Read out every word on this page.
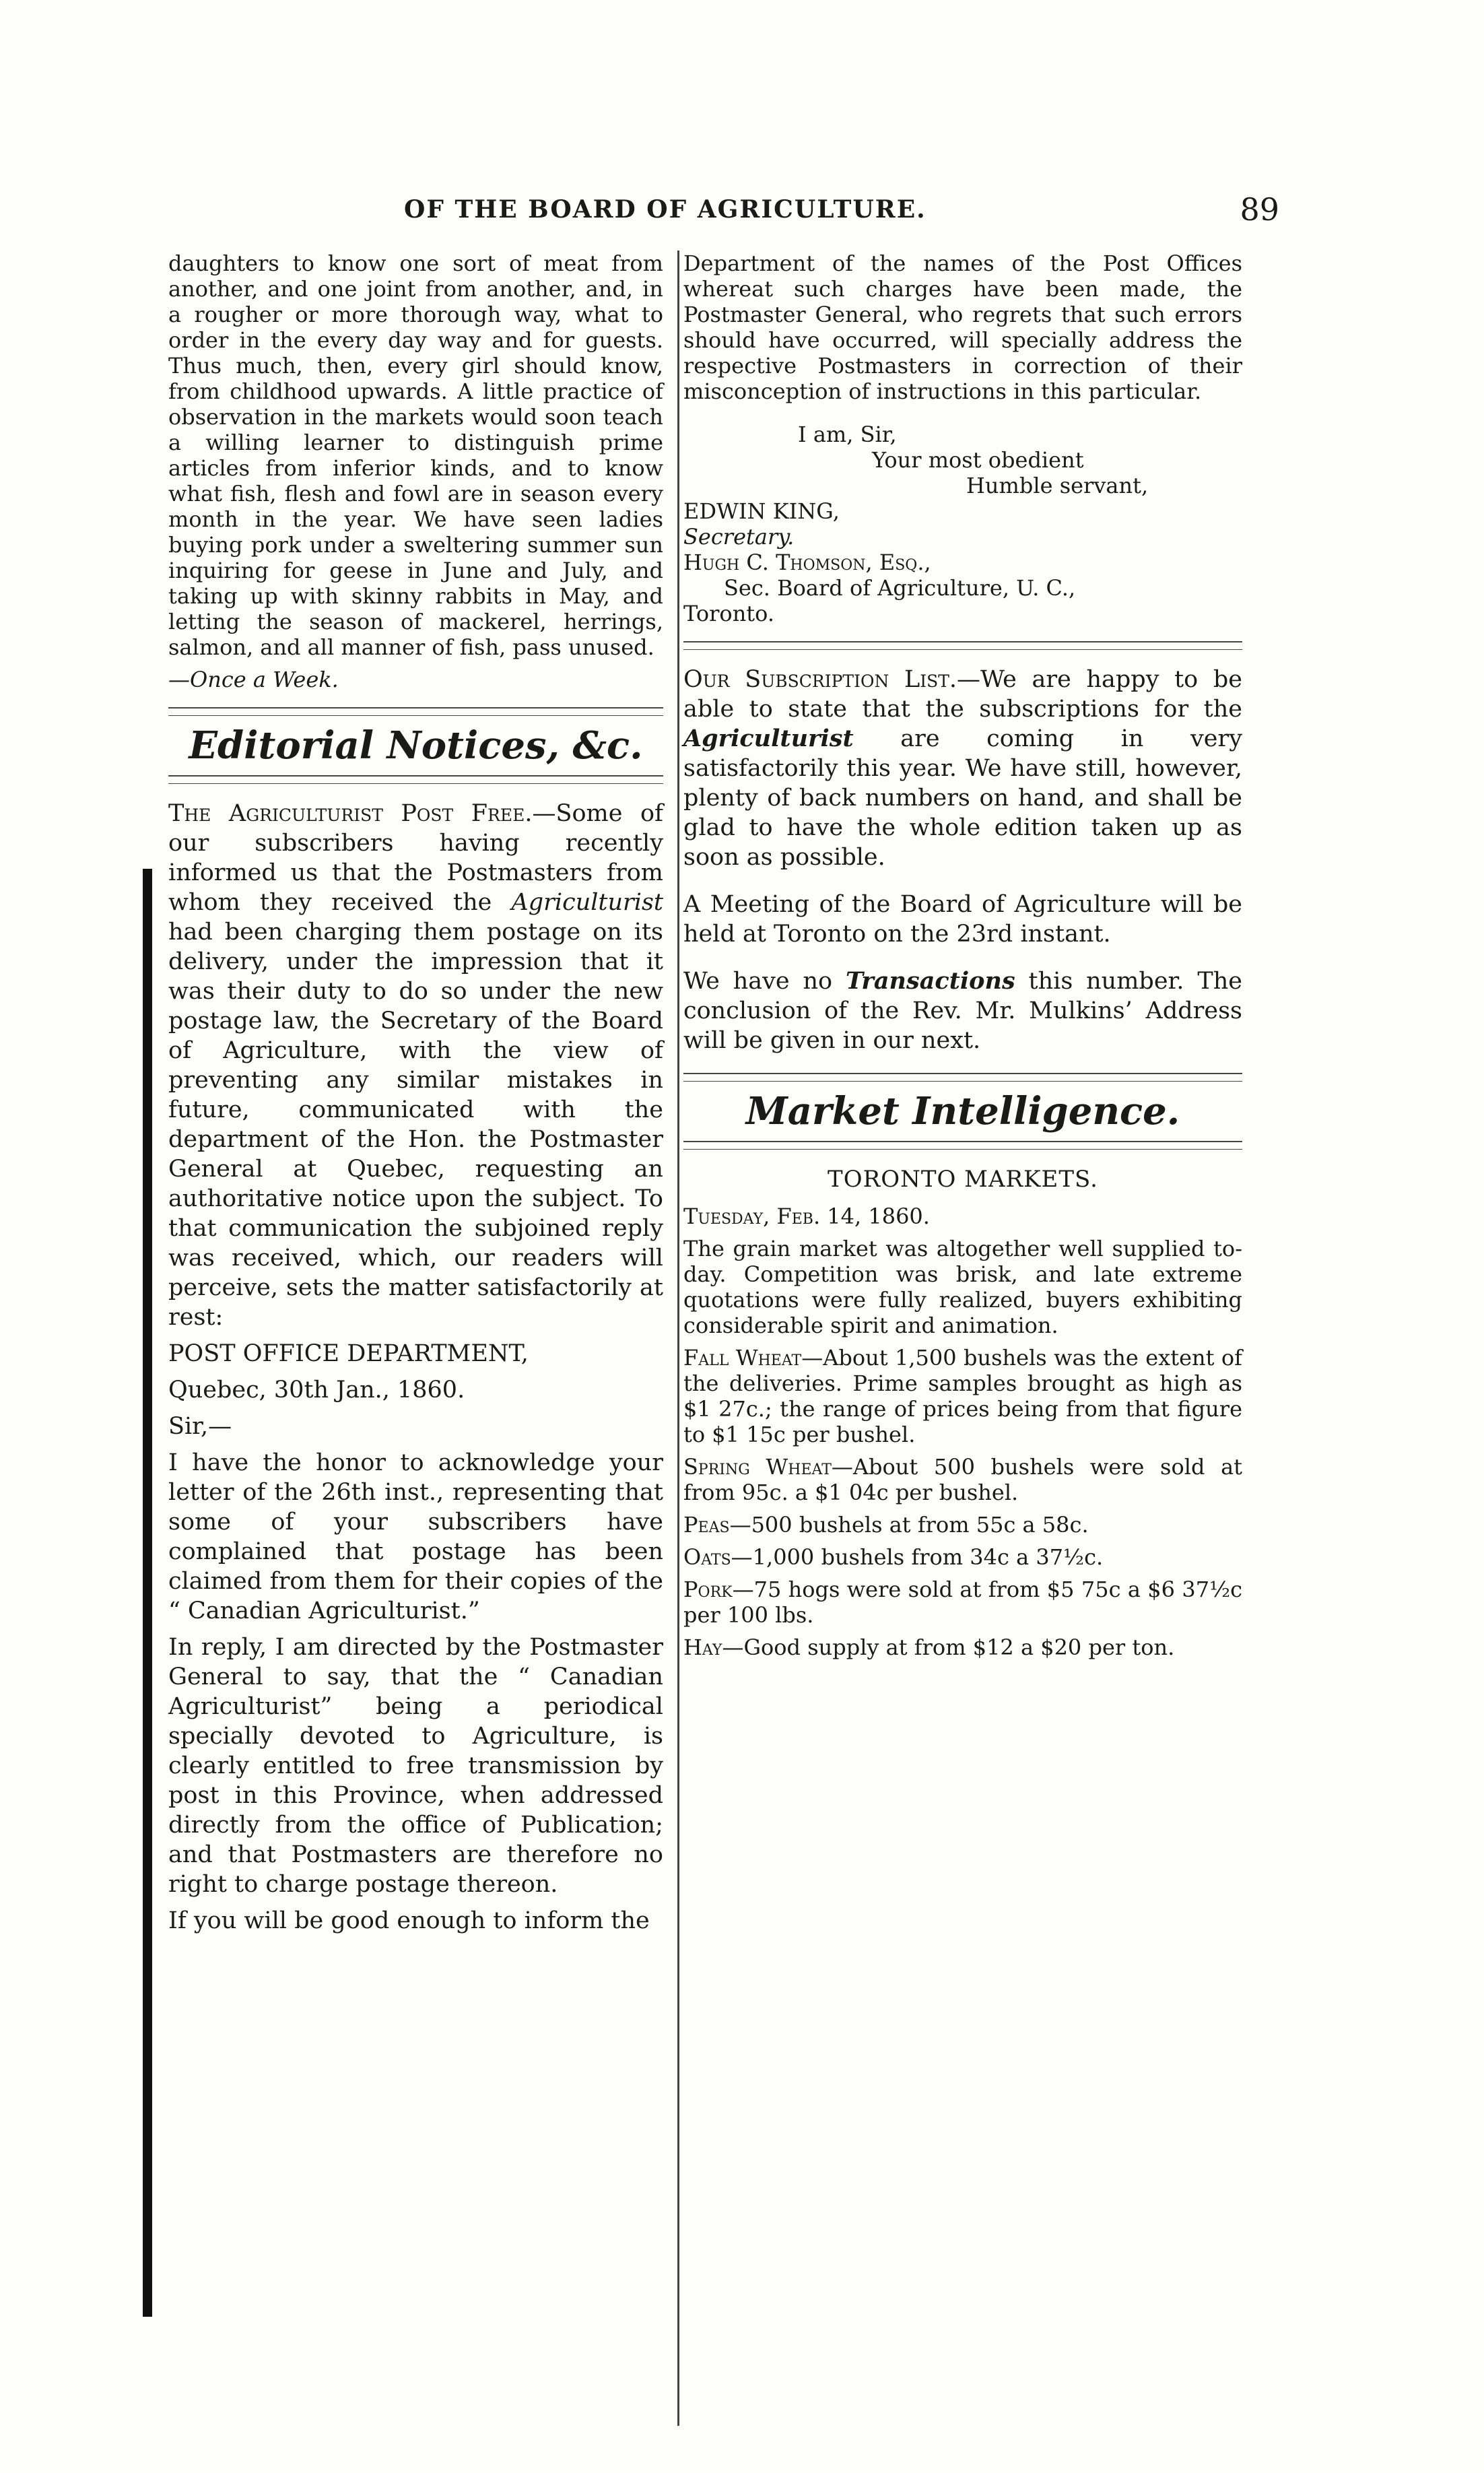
OF THE BOARD OF AGRICULTURE.	89

daughters to know one sort of meat from another, and one joint from another, and, in a rougher or more thorough way, what to order in the every day way and for guests. Thus much, then, every girl should know, from childhood upwards. A little practice of observation in the markets would soon teach a willing learner to distinguish prime articles from inferior kinds, and to know what fish, flesh and fowl are in season every month in the year. We have seen ladies buying pork under a sweltering summer sun inquiring for geese in June and July, and taking up with skinny rabbits in May, and letting the season of mackerel, herrings, salmon, and all manner of fish, pass unused.

—Once a Week.

Editorial Notices, &c.

The Agriculturist Post Free.—Some of our subscribers having recently informed us that the Postmasters from whom they received the Agriculturist had been charging them postage on its delivery, under the impression that it was their duty to do so under the new postage law, the Secretary of the Board of Agriculture, with the view of preventing any similar mistakes in future, communicated with the department of the Hon. the Postmaster General at Quebec, requesting an authoritative notice upon the subject. To that communication the subjoined reply was received, which, our readers will perceive, sets the matter satisfactorily at rest:

POST OFFICE DEPARTMENT,

Quebec, 30th Jan., 1860.

Sir,—

I have the honor to acknowledge your letter of the 26th inst., representing that some of your subscribers have complained that postage has been claimed from them for their copies of the “ Canadian Agriculturist.”

In reply, I am directed by the Postmaster General to say, that the “ Canadian Agriculturist” being a periodical specially devoted to Agriculture, is clearly entitled to free transmission by post in this Province, when addressed directly from the office of Publication; and that Postmasters are therefore no right to charge postage thereon.

If you will be good enough to inform the

Department of the names of the Post Offices whereat such charges have been made, the Postmaster General, who regrets that such errors should have occurred, will specially address the respective Postmasters in correction of their misconception of instructions in this particular.

I am, Sir,

Your most obedient

Humble servant,

EDWIN KING,

Secretary.

Hugh C. Thomson, Esq.,

Sec. Board of Agriculture, U. C.,

Toronto.

Our Subscription List.—We are happy to be able to state that the subscriptions for the Agriculturist are coming in very satisfactorily this year. We have still, however, plenty of back numbers on hand, and shall be glad to have the whole edition taken up as soon as possible.

A Meeting of the Board of Agriculture will be held at Toronto on the 23rd instant.

We have no Transactions this number. The conclusion of the Rev. Mr. Mulkins’ Address will be given in our next.

Market Intelligence.
TORONTO MARKETS.

Tuesday, Feb. 14, 1860.

The grain market was altogether well supplied to-day. Competition was brisk, and late extreme quotations were fully realized, buyers exhibiting considerable spirit and animation.

Fall Wheat—About 1,500 bushels was the extent of the deliveries. Prime samples brought as high as $1 27c.; the range of prices being from that figure to $1 15c per bushel.

Spring Wheat—About 500 bushels were sold at from 95c. a $1 04c per bushel.

Peas—500 bushels at from 55c a 58c.

Oats—1,000 bushels from 34c a 37½c.

Pork—75 hogs were sold at from $5 75c a $6 37½c per 100 lbs.

Hay—Good supply at from $12 a $20 per ton.
